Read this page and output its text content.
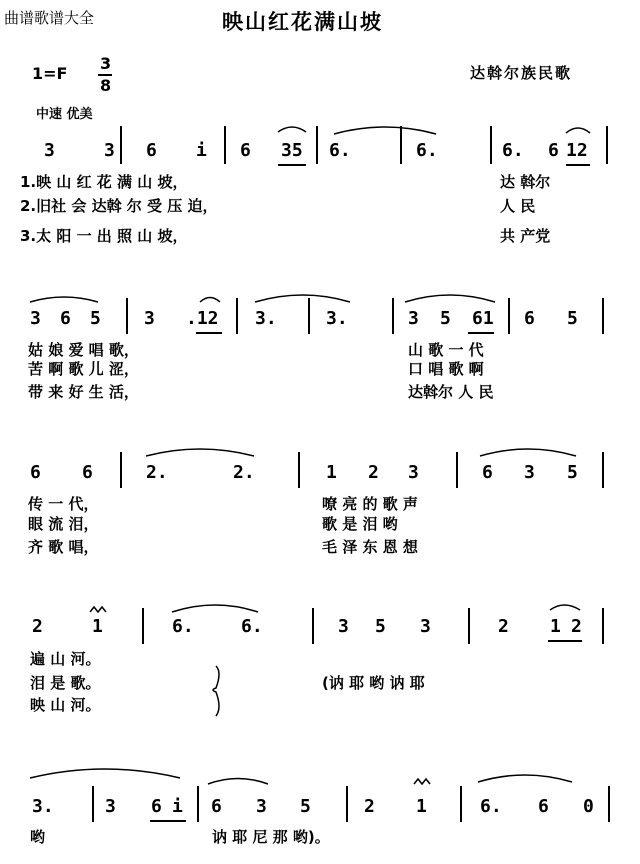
曲谱歌谱大全	映山红花满山坡
达斡尔族民歌
1=F
3
8
中速 优美
3	3 6 i 6 35 6.	6.	6. 6 12
1.映 山 红 花 满 山 坡，	达 斡尔
2.旧社 会 达斡 尔 受 压 迫，	人 民
3.太 阳 一 出 照 山 坡，	共 产党
3 6 5 3 .12 3.	3.	3 5 61 6 5
姑 娘 爱 唱 歌，	山 歌 一 代
苦 啊 歌 儿 涩，	口 唱 歌 啊
带 来 好 生 活，	达斡尔 人 民
6 6	2.	2.	1 2 3	6 3 5
传 一 代，	嘹 亮 的 歌 声
眼 流 泪，	歌 是 泪 哟
齐 歌 唱，	毛 泽 东 恩 想
2	1	6.	6.	3 5 3	2 1 2
遍 山 河。
泪 是 歌。
映 山 河。
(讷 耶 哟 讷 耶
3.	3 6 i 6 3 5	2 1	6. 6 0
哟	讷 耶 尼 那 哟)。
